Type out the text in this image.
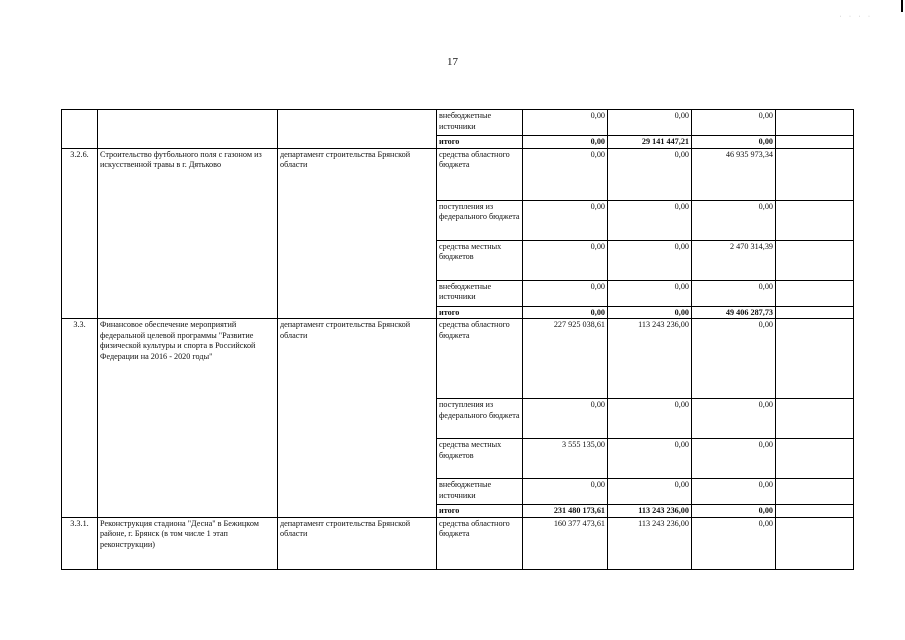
· · · ·
17
			внебюджетные источники	0,00	0,00	0,00	
			итого	0,00	29 141 447,21	0,00	
3.2.6.	Строительство футбольного поля с газоном из искусственной травы в г. Дятьково	департамент строительства Брянской области	средства областного бюджета	0,00	0,00	46 935 973,34	
			поступления из федерального бюджета	0,00	0,00	0,00	
			средства местных бюджетов	0,00	0,00	2 470 314,39	
			внебюджетные источники	0,00	0,00	0,00	
			итого	0,00	0,00	49 406 287,73	
3.3.	Финансовое обеспечение мероприятий федеральной целевой программы "Развитие физической культуры и спорта в Российской Федерации на 2016 - 2020 годы"	департамент строительства Брянской области	средства областного бюджета	227 925 038,61	113 243 236,00	0,00	
			поступления из федерального бюджета	0,00	0,00	0,00	
			средства местных бюджетов	3 555 135,00	0,00	0,00	
			внебюджетные источники	0,00	0,00	0,00	
			итого	231 480 173,61	113 243 236,00	0,00	
3.3.1.	Реконструкция стадиона "Десна" в Бежицком районе, г. Брянск (в том числе 1 этап реконструкции)	департамент строительства Брянской области	средства областного бюджета	160 377 473,61	113 243 236,00	0,00	
